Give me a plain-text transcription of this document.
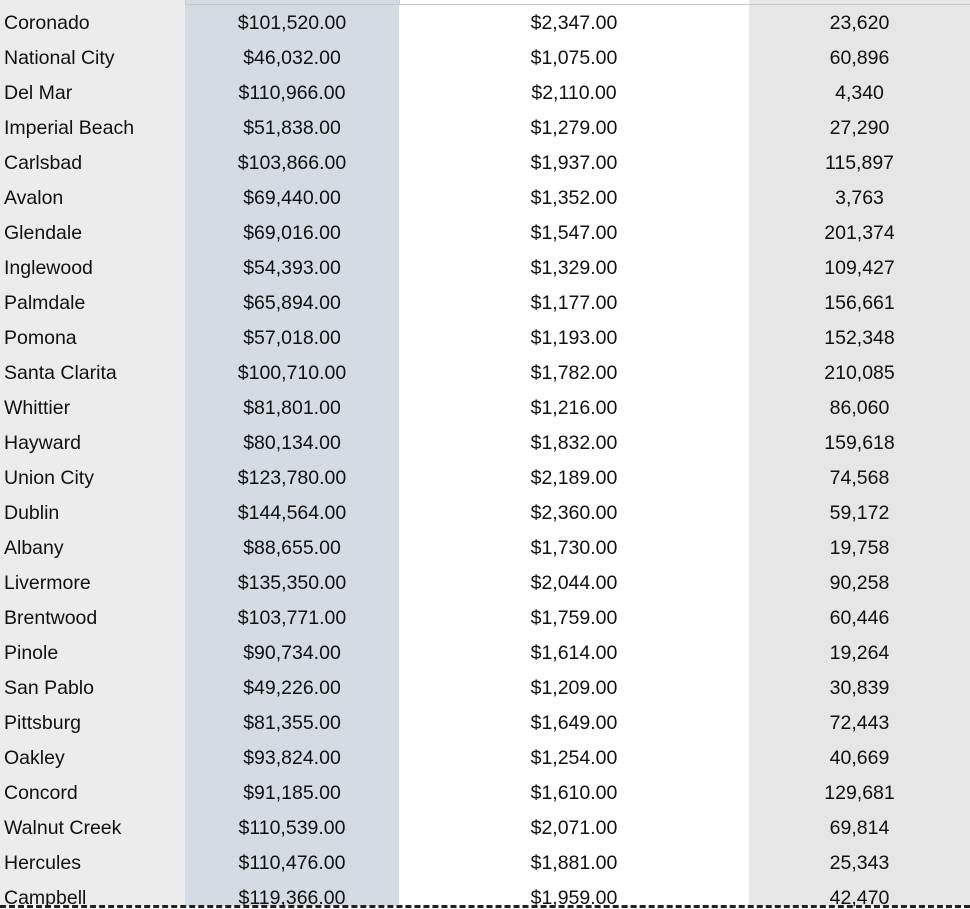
Coronado	$101,520.00	$2,347.00	23,620
National City	$46,032.00	$1,075.00	60,896
Del Mar	$110,966.00	$2,110.00	4,340
Imperial Beach	$51,838.00	$1,279.00	27,290
Carlsbad	$103,866.00	$1,937.00	115,897
Avalon	$69,440.00	$1,352.00	3,763
Glendale	$69,016.00	$1,547.00	201,374
Inglewood	$54,393.00	$1,329.00	109,427
Palmdale	$65,894.00	$1,177.00	156,661
Pomona	$57,018.00	$1,193.00	152,348
Santa Clarita	$100,710.00	$1,782.00	210,085
Whittier	$81,801.00	$1,216.00	86,060
Hayward	$80,134.00	$1,832.00	159,618
Union City	$123,780.00	$2,189.00	74,568
Dublin	$144,564.00	$2,360.00	59,172
Albany	$88,655.00	$1,730.00	19,758
Livermore	$135,350.00	$2,044.00	90,258
Brentwood	$103,771.00	$1,759.00	60,446
Pinole	$90,734.00	$1,614.00	19,264
San Pablo	$49,226.00	$1,209.00	30,839
Pittsburg	$81,355.00	$1,649.00	72,443
Oakley	$93,824.00	$1,254.00	40,669
Concord	$91,185.00	$1,610.00	129,681
Walnut Creek	$110,539.00	$2,071.00	69,814
Hercules	$110,476.00	$1,881.00	25,343
Campbell	$119,366.00	$1,959.00	42,470
